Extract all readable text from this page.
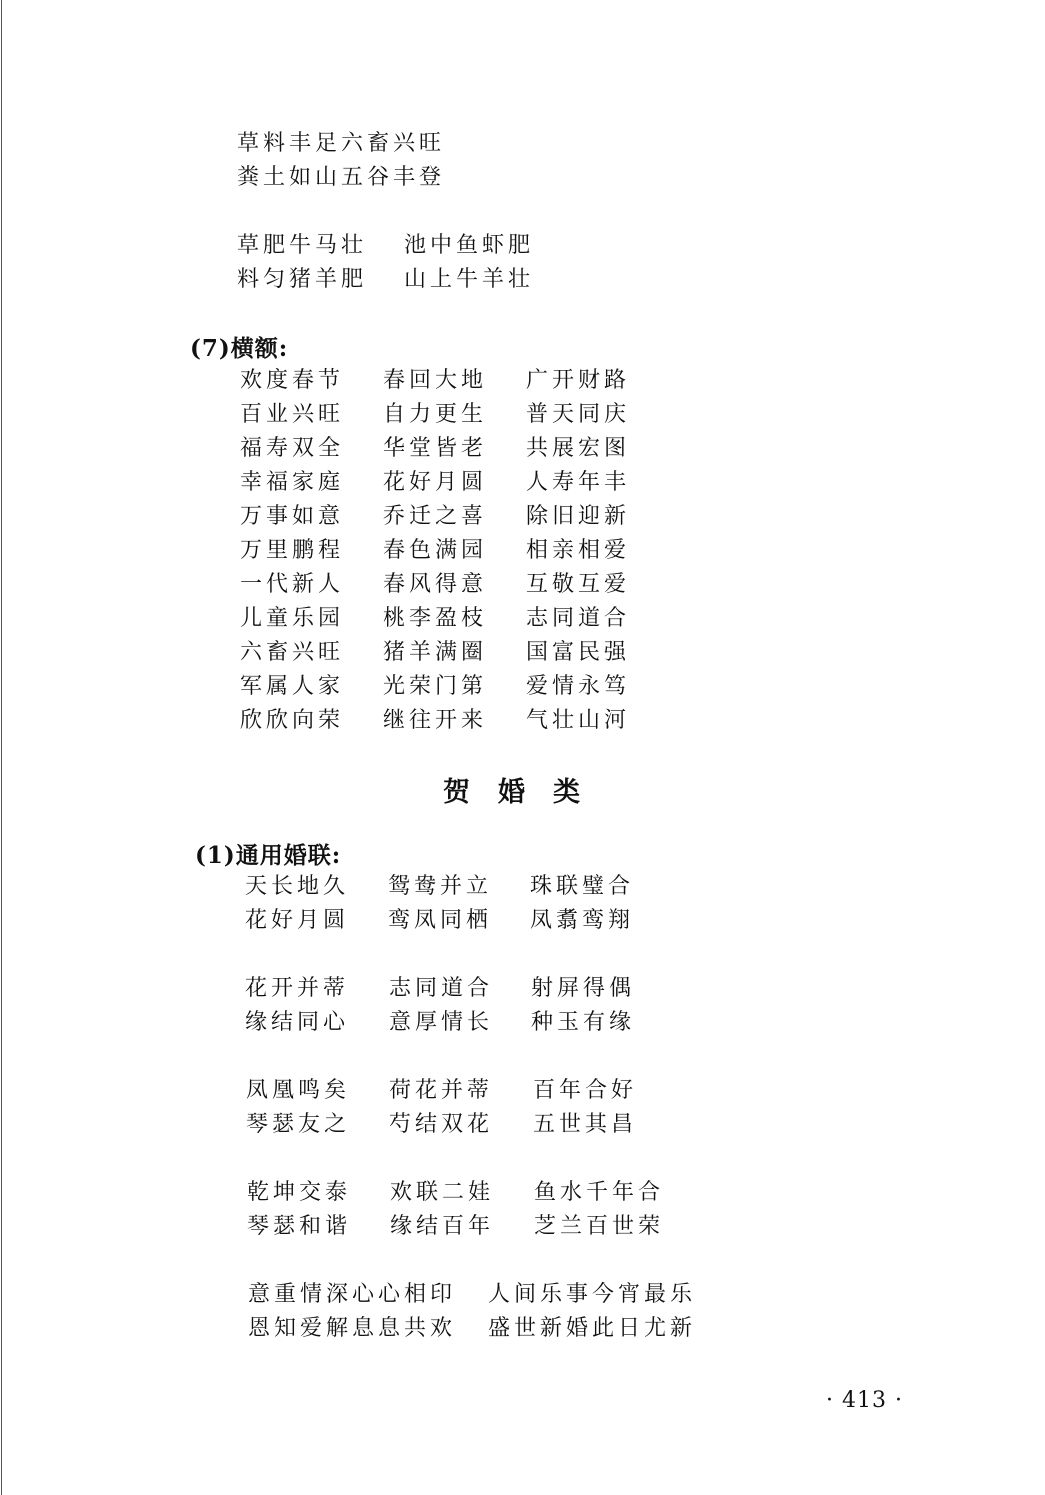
草料丰足六畜兴旺
粪土如山五谷丰登
草肥牛马壮
料匀猪羊肥
池中鱼虾肥
山上牛羊壮
(7)横额:
欢度春节
百业兴旺
福寿双全
幸福家庭
万事如意
万里鹏程
一代新人
儿童乐园
六畜兴旺
军属人家
欣欣向荣
春回大地
自力更生
华堂皆老
花好月圆
乔迁之喜
春色满园
春风得意
桃李盈枝
猪羊满圈
光荣门第
继往开来
广开财路
普天同庆
共展宏图
人寿年丰
除旧迎新
相亲相爱
互敬互爱
志同道合
国富民强
爱情永笃
气壮山河
贺婚类
(1)通用婚联:
天长地久
花好月圆
鸳鸯并立
鸾凤同栖
珠联璧合
凤翥鸾翔
花开并蒂
缘结同心
志同道合
意厚情长
射屏得偶
种玉有缘
凤凰鸣矣
琴瑟友之
荷花并蒂
芍结双花
百年合好
五世其昌
乾坤交泰
琴瑟和谐
欢联二娃
缘结百年
鱼水千年合
芝兰百世荣
意重情深心心相印
恩知爱解息息共欢
人间乐事今宵最乐
盛世新婚此日尤新
· 413 ·
